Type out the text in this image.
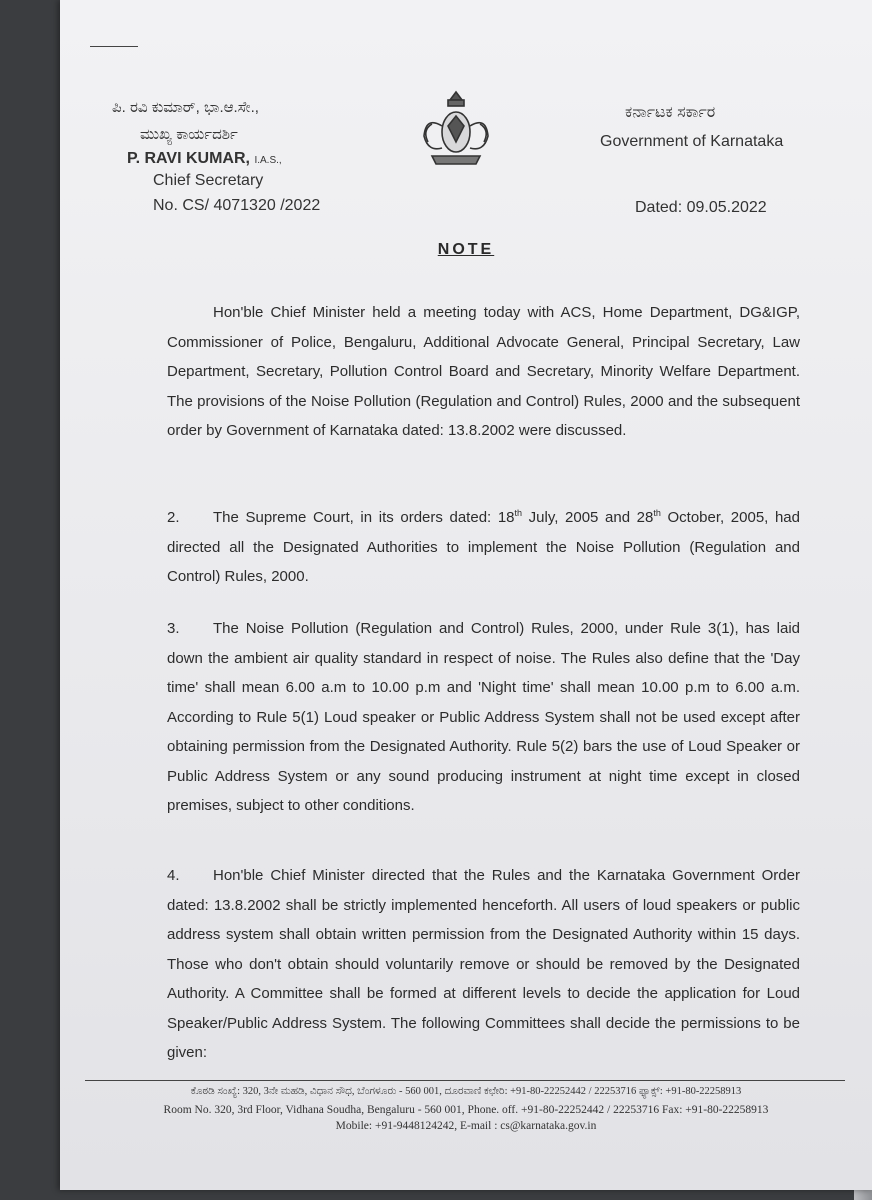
ಪಿ. ರವಿ ಕುಮಾರ್, ಭಾ.ಆ.ಸೇ.,
ಮುಖ್ಯ ಕಾರ್ಯದರ್ಶಿ
P. RAVI KUMAR, I.A.S.,
Chief Secretary
No. CS/ 4071320 /2022
ಕರ್ನಾಟಕ ಸರ್ಕಾರ
Government of Karnataka
Dated: 09.05.2022
NOTE
Hon'ble Chief Minister held a meeting today with ACS, Home Department, DG&IGP, Commissioner of Police, Bengaluru, Additional Advocate General, Principal Secretary, Law Department, Secretary, Pollution Control Board and Secretary, Minority Welfare Department. The provisions of the Noise Pollution (Regulation and Control) Rules, 2000 and the subsequent order by Government of Karnataka dated: 13.8.2002 were discussed.
2. The Supreme Court, in its orders dated: 18th July, 2005 and 28th October, 2005, had directed all the Designated Authorities to implement the Noise Pollution (Regulation and Control) Rules, 2000.
3. The Noise Pollution (Regulation and Control) Rules, 2000, under Rule 3(1), has laid down the ambient air quality standard in respect of noise. The Rules also define that the 'Day time' shall mean 6.00 a.m to 10.00 p.m and 'Night time' shall mean 10.00 p.m to 6.00 a.m. According to Rule 5(1) Loud speaker or Public Address System shall not be used except after obtaining permission from the Designated Authority. Rule 5(2) bars the use of Loud Speaker or Public Address System or any sound producing instrument at night time except in closed premises, subject to other conditions.
4. Hon'ble Chief Minister directed that the Rules and the Karnataka Government Order dated: 13.8.2002 shall be strictly implemented henceforth. All users of loud speakers or public address system shall obtain written permission from the Designated Authority within 15 days. Those who don't obtain should voluntarily remove or should be removed by the Designated Authority. A Committee shall be formed at different levels to decide the application for Loud Speaker/Public Address System. The following Committees shall decide the permissions to be given:
ಕೊಠಡಿ ಸಂಖ್ಯೆ: 320, 3ನೇ ಮಹಡಿ, ವಿಧಾನ ಸೌಧ, ಬೆಂಗಳೂರು - 560 001, ದೂರವಾಣಿ ಕಛೇರಿ: +91-80-22252442 / 22253716 ಫ್ಯಾಕ್ಸ್: +91-80-22258913
Room No. 320, 3rd Floor, Vidhana Soudha, Bengaluru - 560 001, Phone. off. +91-80-22252442 / 22253716 Fax: +91-80-22258913
Mobile: +91-9448124242, E-mail : cs@karnataka.gov.in
